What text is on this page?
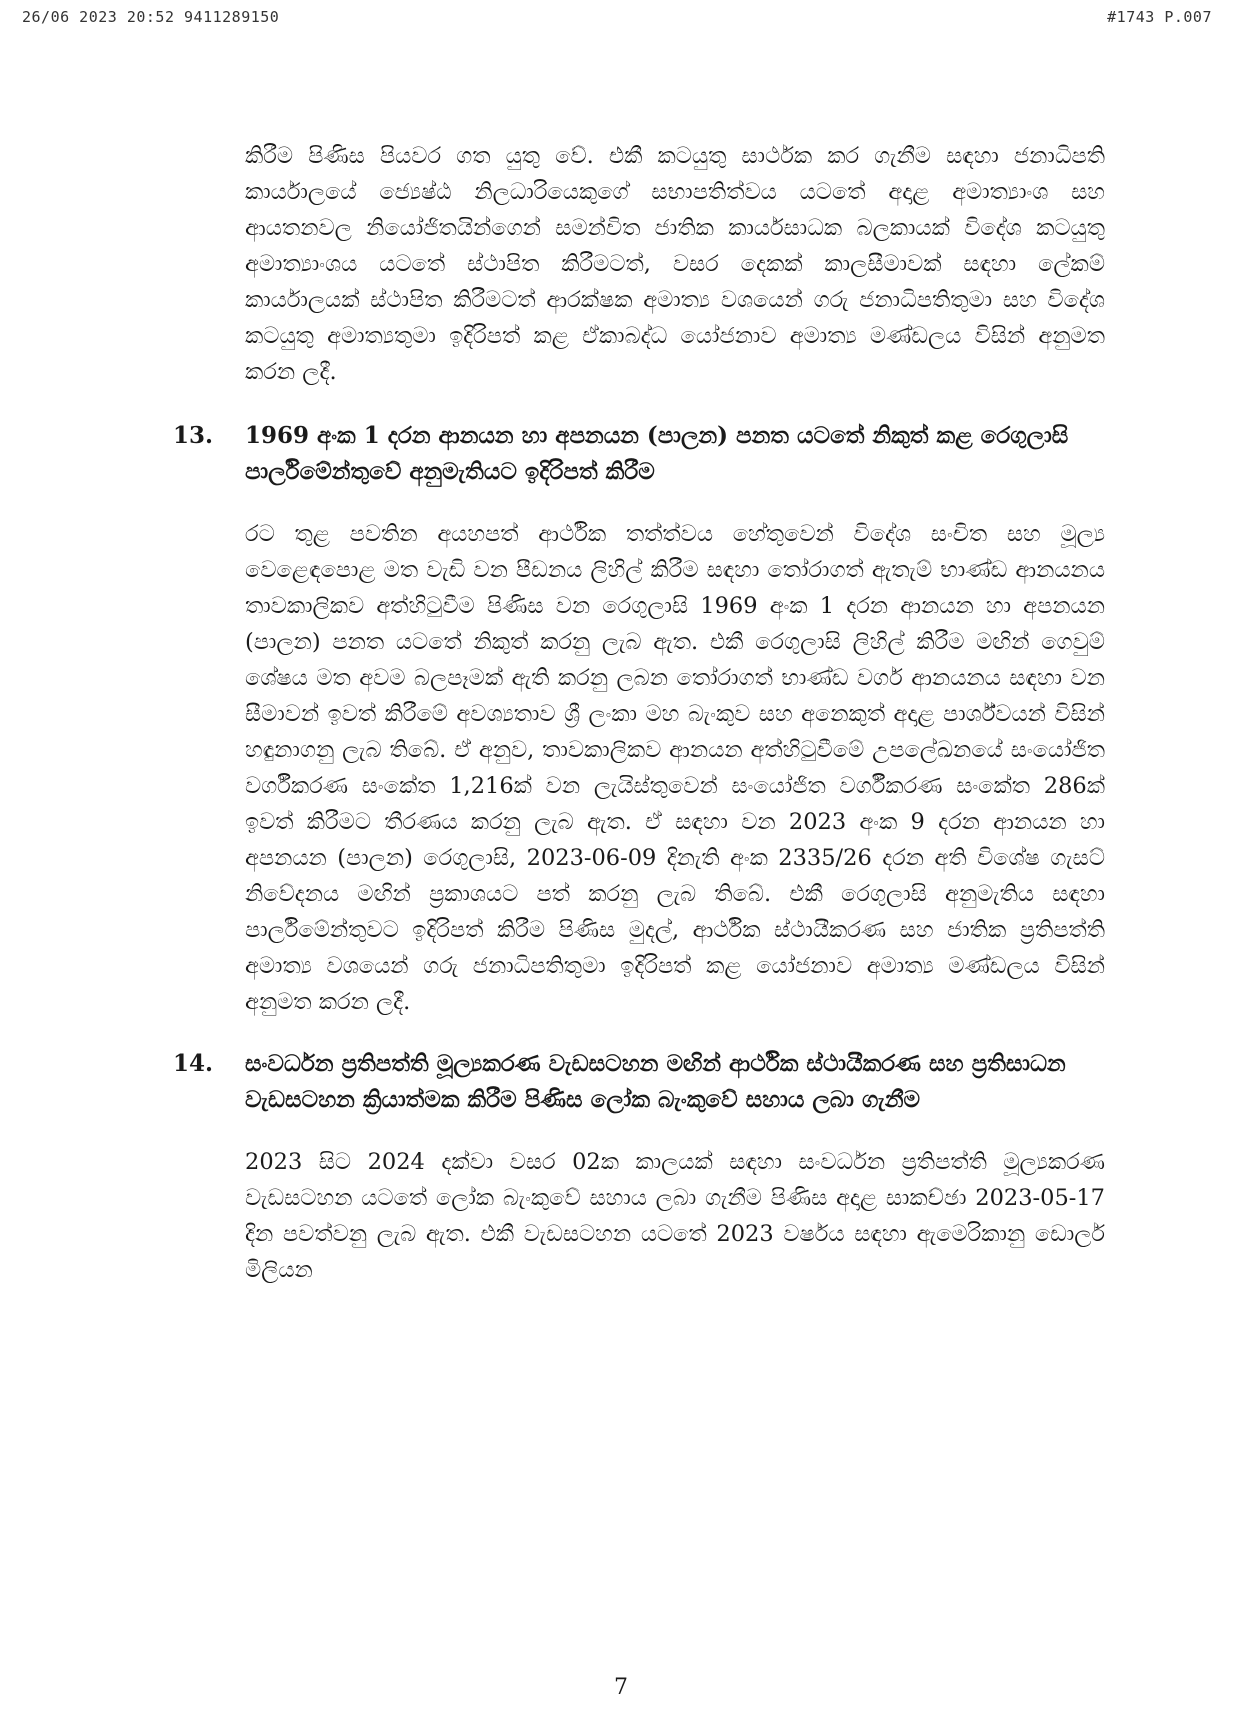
26/06 2023 20:52 9411289150	#1743 P.007

කිරීම පිණිස පියවර ගත යුතු වේ. එකී කටයුතු සාර්ථක කර ගැනීම සඳහා ජනාධිපති කාර්යාලයේ ජ්‍යෙෂ්ඨ නිලධාරියෙකුගේ සභාපතිත්වය යටතේ අදාළ අමාත්‍යාංශ සහ ආයතනවල නියෝජිතයින්ගෙන් සමන්විත ජාතික කාර්යසාධක බලකායක් විදේශ කටයුතු අමාත්‍යාංශය යටතේ ස්ථාපිත කිරීමටත්, වසර දෙකක් කාලසීමාවක් සඳහා ලේකම් කාර්යාලයක් ස්ථාපිත කිරීමටත් ආරක්ෂක අමාත්‍ය වශයෙන් ගරු ජනාධිපතිතුමා සහ විදේශ කටයුතු අමාත්‍යතුමා ඉදිරිපත් කළ ඒකාබද්ධ යෝජනාව අමාත්‍ය මණ්ඩලය විසින් අනුමත කරන ලදී.

13. 1969 අංක 1 දරන ආනයන හා අපනයන (පාලන) පනත යටතේ නිකුත් කළ රෙගුලාසි පාර්ලිමේන්තුවේ අනුමැතියට ඉදිරිපත් කිරීම

රට තුළ පවතින අයහපත් ආර්ථික තත්ත්වය හේතුවෙන් විදේශ සංචිත සහ මූල්‍ය වෙළෙඳපොළ මත වැඩි වන පීඩනය ලිහිල් කිරීම සඳහා තෝරාගත් ඇතැම් භාණ්ඩ ආනයනය තාවකාලිකව අත්හිටුවීම පිණිස වන රෙගුලාසි 1969 අංක 1 දරන ආනයන හා අපනයන (පාලන) පනත යටතේ නිකුත් කරනු ලැබ ඇත. එකී රෙගුලාසි ලිහිල් කිරීම මඟින් ගෙවුම් ශේෂය මත අවම බලපෑමක් ඇති කරනු ලබන තෝරාගත් භාණ්ඩ වර්ග ආනයනය සඳහා වන සීමාවන් ඉවත් කිරීමේ අවශ්‍යතාව ශ්‍රී ලංකා මහ බැංකුව සහ අනෙකුත් අදාළ පාර්ශ්වයන් විසින් හඳුනාගනු ලැබ තිබේ. ඒ අනුව, තාවකාලිකව ආනයන අත්හිටුවීමේ උපලේඛනයේ සංයෝජිත වර්ගීකරණ සංකේත 1,216ක් වන ලැයිස්තුවෙන් සංයෝජිත වර්ගීකරණ සංකේත 286ක් ඉවත් කිරීමට තීරණය කරනු ලැබ ඇත. ඒ සඳහා වන 2023 අංක 9 දරන ආනයන හා අපනයන (පාලන) රෙගුලාසි, 2023-06-09 දිනැති අංක 2335/26 දරන අති විශේෂ ගැසට් නිවේදනය මඟින් ප්‍රකාශයට පත් කරනු ලැබ තිබේ. එකී රෙගුලාසි අනුමැතිය සඳහා පාර්ලිමේන්තුවට ඉදිරිපත් කිරීම පිණිස මුදල්, ආර්ථික ස්ථායීකරණ සහ ජාතික ප්‍රතිපත්ති අමාත්‍ය වශයෙන් ගරු ජනාධිපතිතුමා ඉදිරිපත් කළ යෝජනාව අමාත්‍ය මණ්ඩලය විසින් අනුමත කරන ලදී.

14. සංවර්ධන ප්‍රතිපත්ති මූල්‍යකරණ වැඩසටහන මඟින් ආර්ථික ස්ථායීකරණ සහ ප්‍රතිසාධන වැඩසටහන ක්‍රියාත්මක කිරීම පිණිස ලෝක බැංකුවේ සහාය ලබා ගැනීම

2023 සිට 2024 දක්වා වසර 02ක කාලයක් සඳහා සංවර්ධන ප්‍රතිපත්ති මූල්‍යකරණ වැඩසටහන යටතේ ලෝක බැංකුවේ සහාය ලබා ගැනීම පිණිස අදාළ සාකච්ඡා 2023-05-17 දින පවත්වනු ලැබ ඇත. එකී වැඩසටහන යටතේ 2023 වර්ෂය සඳහා ඇමෙරිකානු ඩොලර් මිලියන

7
